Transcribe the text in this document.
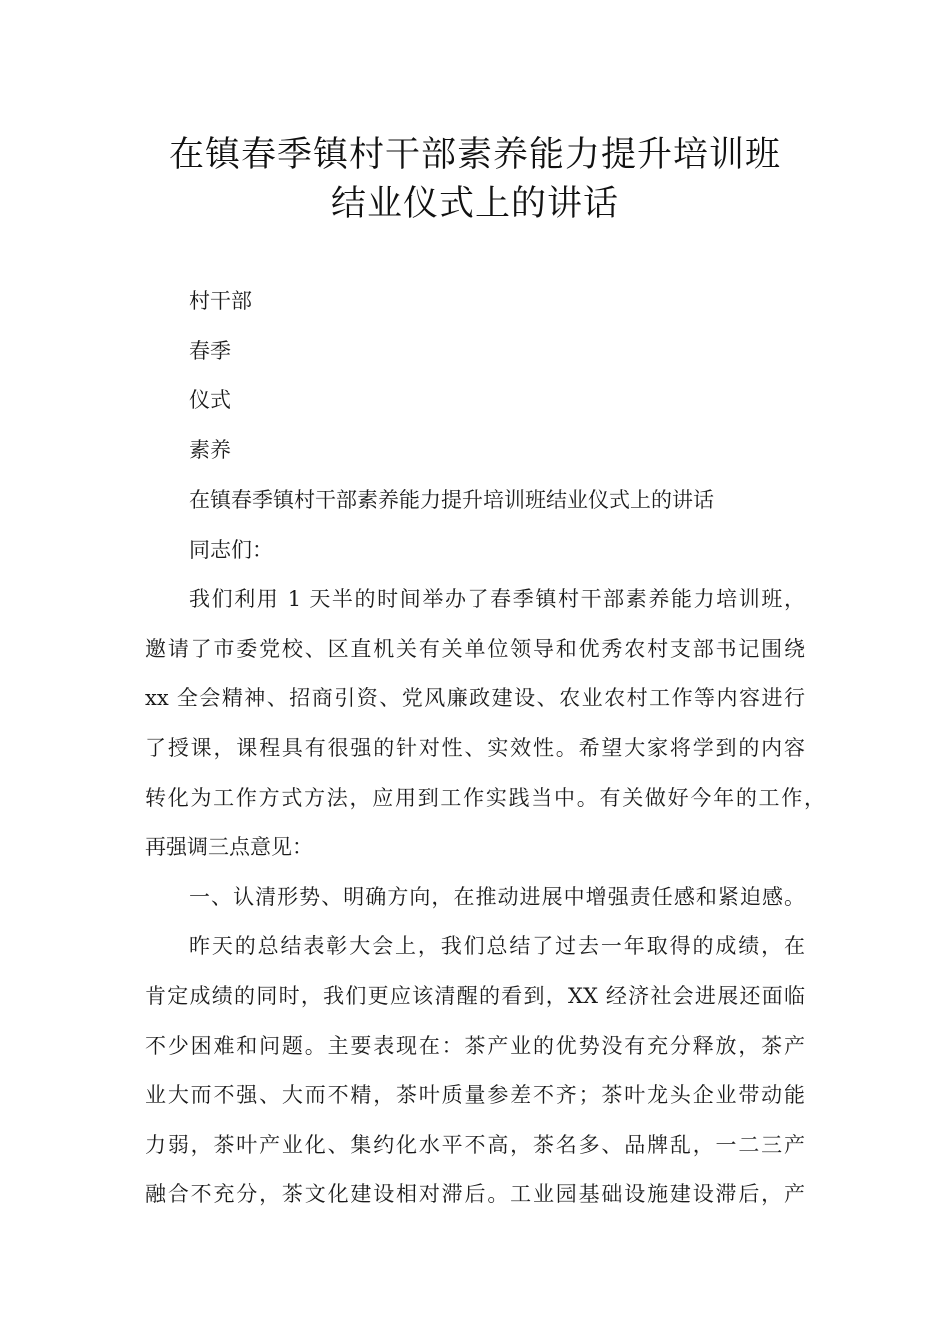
在镇春季镇村干部素养能力提升培训班
结业仪式上的讲话
村干部
春季
仪式
素养
在镇春季镇村干部素养能力提升培训班结业仪式上的讲话
同志们：
我们利用 1 天半的时间举办了春季镇村干部素养能力培训班，
邀请了市委党校、区直机关有关单位领导和优秀农村支部书记围绕
xx 全会精神、招商引资、党风廉政建设、农业农村工作等内容进行
了授课，课程具有很强的针对性、实效性。希望大家将学到的内容
转化为工作方式方法，应用到工作实践当中。有关做好今年的工作，
再强调三点意见：
一、认清形势、明确方向，在推动进展中增强责任感和紧迫感。
昨天的总结表彰大会上，我们总结了过去一年取得的成绩，在
肯定成绩的同时，我们更应该清醒的看到，XX 经济社会进展还面临
不少困难和问题。主要表现在：茶产业的优势没有充分释放，茶产
业大而不强、大而不精，茶叶质量参差不齐；茶叶龙头企业带动能
力弱，茶叶产业化、集约化水平不高，茶名多、品牌乱，一二三产
融合不充分，茶文化建设相对滞后。工业园基础设施建设滞后，产
